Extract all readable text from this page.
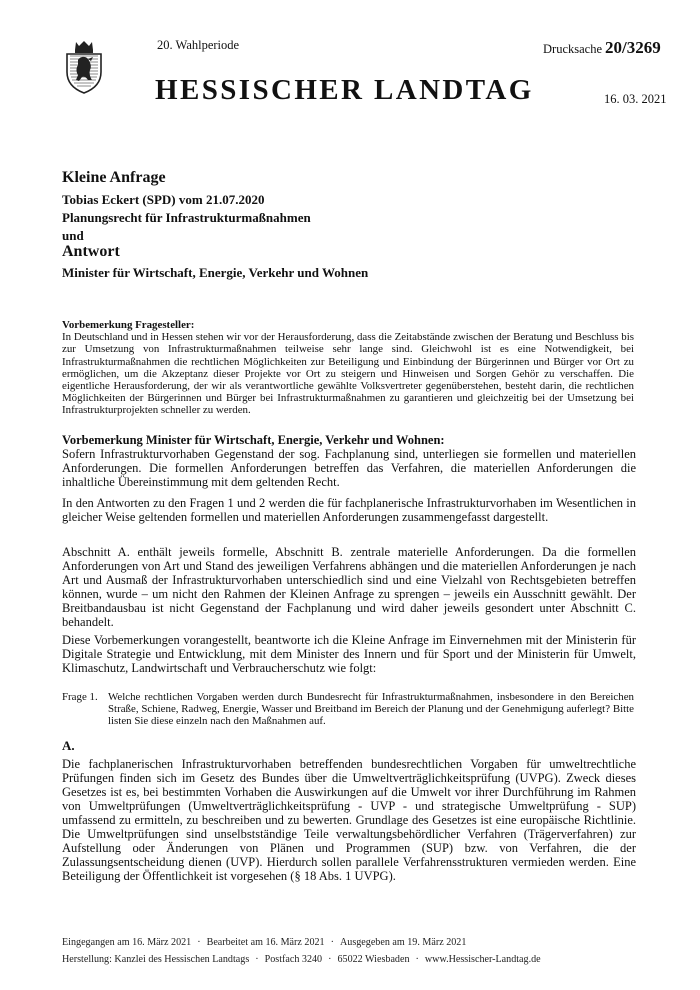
20. Wahlperiode	Drucksache 20/3269
HESSISCHER LANDTAG	16. 03. 2021
Kleine Anfrage
Tobias Eckert (SPD) vom 21.07.2020
Planungsrecht für Infrastrukturmaßnahmen
und
Antwort
Minister für Wirtschaft, Energie, Verkehr und Wohnen
Vorbemerkung Fragesteller:
In Deutschland und in Hessen stehen wir vor der Herausforderung, dass die Zeitabstände zwischen der Beratung und Beschluss bis zur Umsetzung von Infrastrukturmaßnahmen teilweise sehr lange sind. Gleichwohl ist es eine Notwendigkeit, bei Infrastrukturmaßnahmen die rechtlichen Möglichkeiten zur Beteiligung und Einbindung der Bürgerinnen und Bürger vor Ort zu ermöglichen, um die Akzeptanz dieser Projekte vor Ort zu steigern und Hinweisen und Sorgen Gehör zu verschaffen. Die eigentliche Herausforderung, der wir als verantwortliche gewählte Volksvertreter gegenüberstehen, besteht darin, die rechtlichen Möglichkeiten der Bürgerinnen und Bürger bei Infrastrukturmaßnahmen zu garantieren und gleichzeitig bei der Umsetzung bei Infrastrukturprojekten schneller zu werden.
Vorbemerkung Minister für Wirtschaft, Energie, Verkehr und Wohnen:
Sofern Infrastrukturvorhaben Gegenstand der sog. Fachplanung sind, unterliegen sie formellen und materiellen Anforderungen. Die formellen Anforderungen betreffen das Verfahren, die materiellen Anforderungen die inhaltliche Übereinstimmung mit dem geltenden Recht.
In den Antworten zu den Fragen 1 und 2 werden die für fachplanerische Infrastrukturvorhaben im Wesentlichen in gleicher Weise geltenden formellen und materiellen Anforderungen zusammengefasst dargestellt.
Abschnitt A. enthält jeweils formelle, Abschnitt B. zentrale materielle Anforderungen. Da die formellen Anforderungen von Art und Stand des jeweiligen Verfahrens abhängen und die materiellen Anforderungen je nach Art und Ausmaß der Infrastrukturvorhaben unterschiedlich sind und eine Vielzahl von Rechtsgebieten betreffen können, wurde – um nicht den Rahmen der Kleinen Anfrage zu sprengen – jeweils ein Ausschnitt gewählt. Der Breitbandausbau ist nicht Gegenstand der Fachplanung und wird daher jeweils gesondert unter Abschnitt C. behandelt.
Diese Vorbemerkungen vorangestellt, beantworte ich die Kleine Anfrage im Einvernehmen mit der Ministerin für Digitale Strategie und Entwicklung, mit dem Minister des Innern und für Sport und der Ministerin für Umwelt, Klimaschutz, Landwirtschaft und Verbraucherschutz wie folgt:
Frage 1. Welche rechtlichen Vorgaben werden durch Bundesrecht für Infrastrukturmaßnahmen, insbesondere in den Bereichen Straße, Schiene, Radweg, Energie, Wasser und Breitband im Bereich der Planung und der Genehmigung auferlegt? Bitte listen Sie diese einzeln nach den Maßnahmen auf.
A.
Die fachplanerischen Infrastrukturvorhaben betreffenden bundesrechtlichen Vorgaben für umweltrechtliche Prüfungen finden sich im Gesetz des Bundes über die Umweltverträglichkeitsprüfung (UVPG). Zweck dieses Gesetzes ist es, bei bestimmten Vorhaben die Auswirkungen auf die Umwelt vor ihrer Durchführung im Rahmen von Umweltprüfungen (Umweltverträglichkeitsprüfung - UVP - und strategische Umweltprüfung - SUP) umfassend zu ermitteln, zu beschreiben und zu bewerten. Grundlage des Gesetzes ist eine europäische Richtlinie. Die Umweltprüfungen sind unselbstständige Teile verwaltungsbehördlicher Verfahren (Trägerverfahren) zur Aufstellung oder Änderungen von Plänen und Programmen (SUP) bzw. von Verfahren, die der Zulassungsentscheidung dienen (UVP). Hierdurch sollen parallele Verfahrensstrukturen vermieden werden. Eine Beteiligung der Öffentlichkeit ist vorgesehen (§ 18 Abs. 1 UVPG).
Eingegangen am 16. März 2021 · Bearbeitet am 16. März 2021 · Ausgegeben am 19. März 2021
Herstellung: Kanzlei des Hessischen Landtags · Postfach 3240 · 65022 Wiesbaden · www.Hessischer-Landtag.de
